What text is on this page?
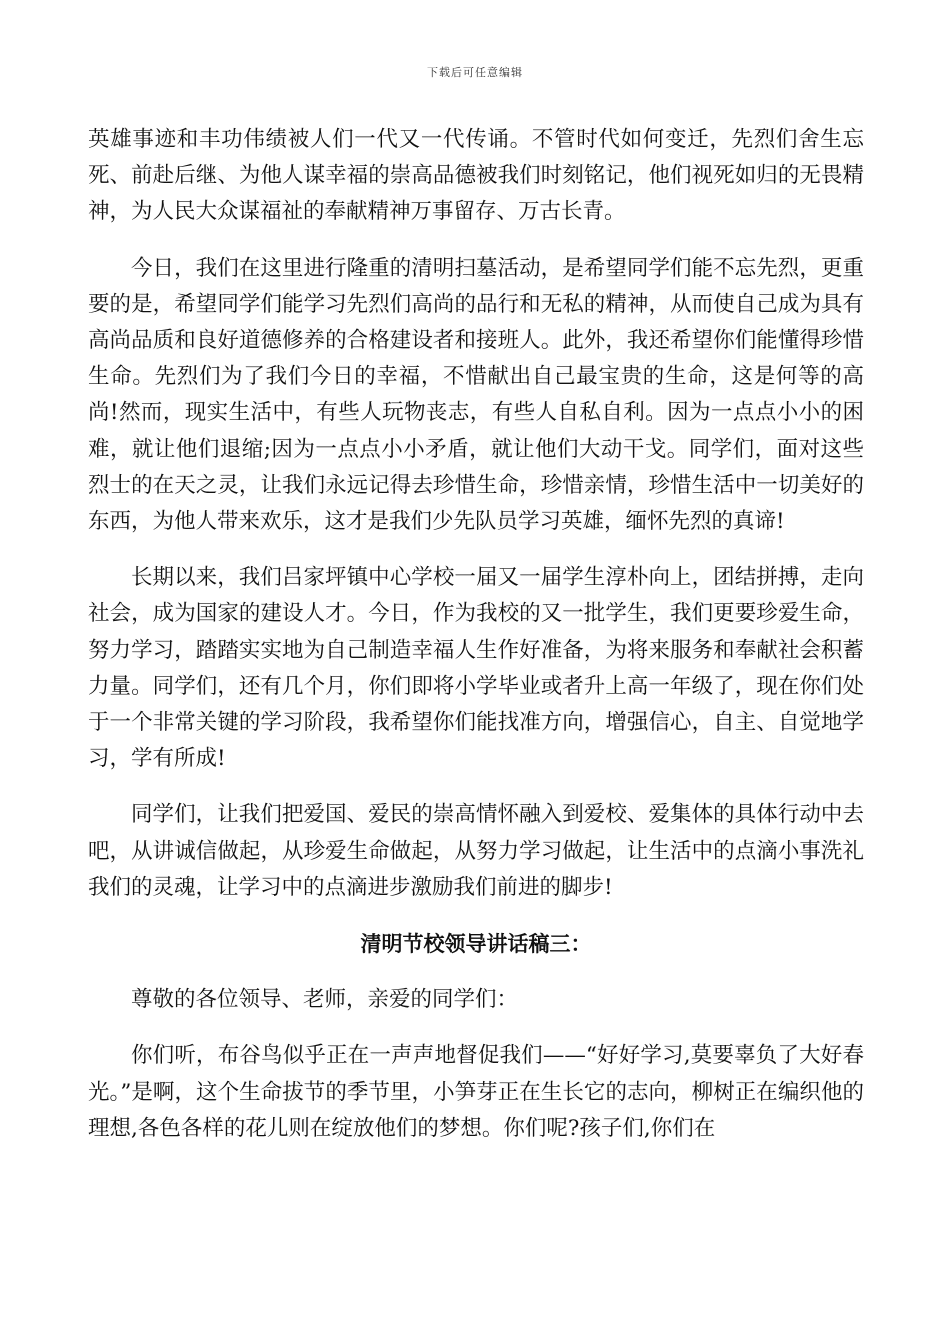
下载后可任意编辑

英雄事迹和丰功伟绩被人们一代又一代传诵。不管时代如何变迁，先烈们舍生忘死、前赴后继、为他人谋幸福的崇高品德被我们时刻铭记，他们视死如归的无畏精神，为人民大众谋福祉的奉献精神万事留存、万古长青。

今日，我们在这里进行隆重的清明扫墓活动，是希望同学们能不忘先烈，更重要的是，希望同学们能学习先烈们高尚的品行和无私的精神，从而使自己成为具有高尚品质和良好道德修养的合格建设者和接班人。此外，我还希望你们能懂得珍惜生命。先烈们为了我们今日的幸福，不惜献出自己最宝贵的生命，这是何等的高尚!然而，现实生活中，有些人玩物丧志，有些人自私自利。因为一点点小小的困难，就让他们退缩;因为一点点小小矛盾，就让他们大动干戈。同学们，面对这些烈士的在天之灵，让我们永远记得去珍惜生命，珍惜亲情，珍惜生活中一切美好的东西，为他人带来欢乐，这才是我们少先队员学习英雄，缅怀先烈的真谛!

长期以来，我们吕家坪镇中心学校一届又一届学生淳朴向上，团结拼搏，走向社会，成为国家的建设人才。今日，作为我校的又一批学生，我们更要珍爱生命，努力学习，踏踏实实地为自己制造幸福人生作好准备，为将来服务和奉献社会积蓄力量。同学们，还有几个月，你们即将小学毕业或者升上高一年级了，现在你们处于一个非常关键的学习阶段，我希望你们能找准方向，增强信心，自主、自觉地学习，学有所成!

同学们，让我们把爱国、爱民的崇高情怀融入到爱校、爱集体的具体行动中去吧，从讲诚信做起，从珍爱生命做起，从努力学习做起，让生活中的点滴小事洗礼我们的灵魂，让学习中的点滴进步激励我们前进的脚步!

清明节校领导讲话稿三：

尊敬的各位领导、老师，亲爱的同学们：

你们听，布谷鸟似乎正在一声声地督促我们——“好好学习,莫要辜负了大好春光。”是啊，这个生命拔节的季节里，小笋芽正在生长它的志向，柳树正在编织他的理想,各色各样的花儿则在绽放他们的梦想。你们呢?孩子们,你们在
